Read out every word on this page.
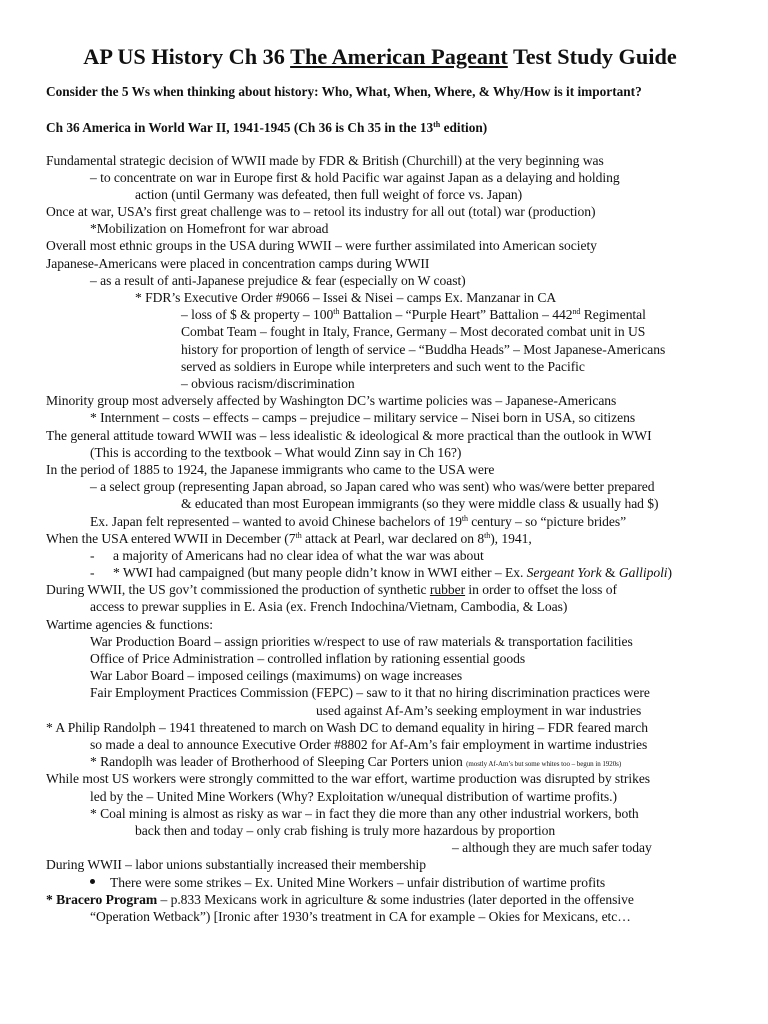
AP US History Ch 36 The American Pageant Test Study Guide
Consider the 5 Ws when thinking about history: Who, What, When, Where, & Why/How is it important?
Ch 36 America in World War II, 1941-1945 (Ch 36 is Ch 35 in the 13th edition)
Fundamental strategic decision of WWII made by FDR & British (Churchill) at the very beginning was
– to concentrate on war in Europe first & hold Pacific war against Japan as a delaying and holding
action (until Germany was defeated, then full weight of force vs. Japan)
Once at war, USA’s first great challenge was to – retool its industry for all out (total) war (production)
*Mobilization on Homefront for war abroad
Overall most ethnic groups in the USA during WWII – were further assimilated into American society
Japanese-Americans were placed in concentration camps during WWII
– as a result of anti-Japanese prejudice & fear (especially on W coast)
* FDR’s Executive Order #9066 – Issei & Nisei – camps Ex. Manzanar in CA
– loss of $ & property – 100th Battalion – “Purple Heart” Battalion – 442nd Regimental
Combat Team – fought in Italy, France, Germany – Most decorated combat unit in US
history for proportion of length of service – “Buddha Heads” – Most Japanese-Americans
served as soldiers in Europe while interpreters and such went to the Pacific
– obvious racism/discrimination
Minority group most adversely affected by Washington DC’s wartime policies was – Japanese-Americans
* Internment – costs – effects – camps – prejudice – military service – Nisei born in USA, so citizens
The general attitude toward WWII was – less idealistic & ideological & more practical than the outlook in WWI
(This is according to the textbook – What would Zinn say in Ch 16?)
In the period of 1885 to 1924, the Japanese immigrants who came to the USA were
– a select group (representing Japan abroad, so Japan cared who was sent) who was/were better prepared
& educated than most European immigrants (so they were middle class & usually had $)
Ex. Japan felt represented – wanted to avoid Chinese bachelors of 19th century – so “picture brides”
When the USA entered WWII in December (7th attack at Pearl, war declared on 8th), 1941,
- a majority of Americans had no clear idea of what the war was about
- * WWI had campaigned (but many people didn’t know in WWI either – Ex. Sergeant York & Gallipoli)
During WWII, the US gov’t commissioned the production of synthetic rubber in order to offset the loss of
access to prewar supplies in E. Asia (ex. French Indochina/Vietnam, Cambodia, & Loas)
Wartime agencies & functions:
War Production Board – assign priorities w/respect to use of raw materials & transportation facilities
Office of Price Administration – controlled inflation by rationing essential goods
War Labor Board – imposed ceilings (maximums) on wage increases
Fair Employment Practices Commission (FEPC) – saw to it that no hiring discrimination practices were
used against Af-Am’s seeking employment in war industries
* A Philip Randolph – 1941 threatened to march on Wash DC to demand equality in hiring – FDR feared march
so made a deal to announce Executive Order #8802 for Af-Am’s fair employment in wartime industries
* Randoplh was leader of Brotherhood of Sleeping Car Porters union (mostly Af-Am’s but some whites too – begun in 1920s)
While most US workers were strongly committed to the war effort, wartime production was disrupted by strikes
led by the – United Mine Workers (Why? Exploitation w/unequal distribution of wartime profits.)
* Coal mining is almost as risky as war – in fact they die more than any other industrial workers, both
back then and today – only crab fishing is truly more hazardous by proportion
– although they are much safer today
During WWII – labor unions substantially increased their membership
There were some strikes – Ex. United Mine Workers – unfair distribution of wartime profits
* Bracero Program – p.833 Mexicans work in agriculture & some industries (later deported in the offensive
“Operation Wetback”) [Ironic after 1930’s treatment in CA for example – Okies for Mexicans, etc…
